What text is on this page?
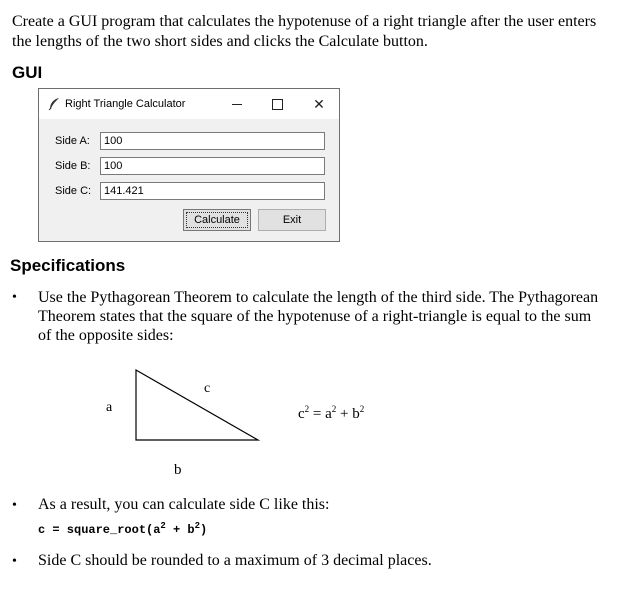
Create a GUI program that calculates the hypotenuse of a right triangle after the user enters the lengths of the two short sides and clicks the Calculate button.
GUI
Right Triangle Calculator	✕
Side A:	100
Side B:	100
Side C:	141.421
Calculate	Exit
Specifications
• Use the Pythagorean Theorem to calculate the length of the third side. The Pythagorean Theorem states that the square of the hypotenuse of a right-triangle is equal to the sum of the opposite sides:
a
c
b
$c^2 = a^2 + b^2$
• As a result, you can calculate side C like this:
$c = square\_root(a^2 + b^2)$
• Side C should be rounded to a maximum of 3 decimal places.
